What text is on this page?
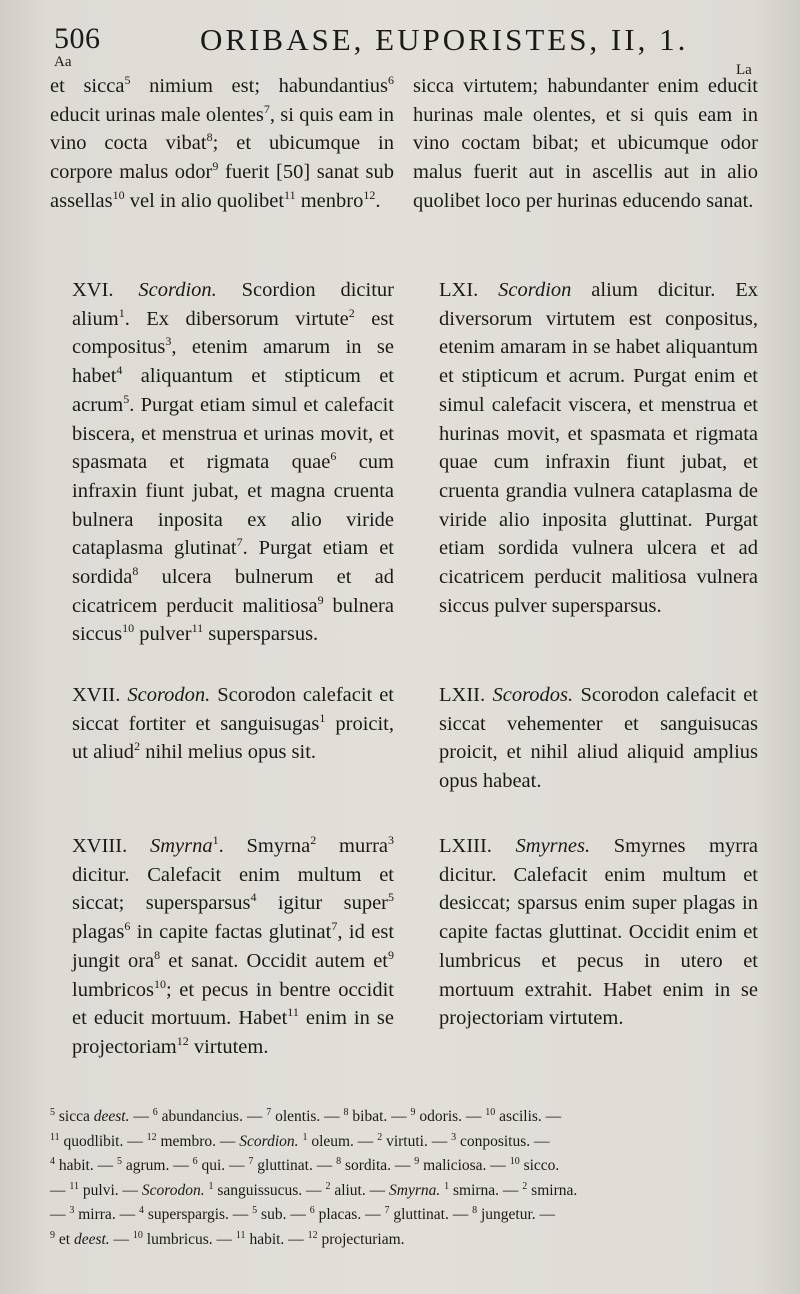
506	ORIBASE, EUPORISTES, II, 1.
Aa	La

et sicca$^5$ nimium est; habundantius$^6$ educit urinas male olentes$^7$, si quis eam in vino cocta vibat$^8$; et ubicumque in corpore malus odor$^9$ fuerit [50] sanat sub assellas$^{10}$ vel in alio quolibet$^{11}$ menbro$^{12}$.

XVI. Scordion. Scordion dicitur alium$^1$. Ex dibersorum virtute$^2$ est compositus$^3$, etenim amarum in se habet$^4$ aliquantum et stipticum et acrum$^5$. Purgat etiam simul et calefacit biscera, et menstrua et urinas movit, et spasmata et rigmata quae$^6$ cum infraxin fiunt jubat, et magna cruenta bulnera inposita ex alio viride cataplasma glutinat$^7$. Purgat etiam et sordida$^8$ ulcera bulnerum et ad cicatricem perducit malitiosa$^9$ bulnera siccus$^{10}$ pulver$^{11}$ supersparsus.

XVII. Scorodon. Scorodon calefacit et siccat fortiter et sanguisugas$^1$ proicit, ut aliud$^2$ nihil melius opus sit.

XVIII. Smyrna$^1$. Smyrna$^2$ murra$^3$ dicitur. Calefacit enim multum et siccat; supersparsus$^4$ igitur super$^5$ plagas$^6$ in capite factas glutinat$^7$, id est jungit ora$^8$ et sanat. Occidit autem $et^9$ lumbricos$^{10}$; et pecus in bentre occidit et educit mortuum. Habet$^{11}$ enim in se projectoriam$^{12}$ virtutem.

sicca virtutem; habundanter enim educit hurinas male olentes, et si quis eam in vino coctam bibat; et ubicumque odor malus fuerit aut in ascellis aut in alio quolibet loco per hurinas educendo sanat.

LXI. Scordion alium dicitur. Ex diversorum virtutem est conpositus, etenim amaram in se habet aliquantum et stipticum et acrum. Purgat enim et simul calefacit viscera, et menstrua et hurinas movit, et spasmata et rigmata quae cum infraxin fiunt jubat, et cruenta grandia vulnera cataplasma de viride alio inposita gluttinat. Purgat etiam sordida vulnera ulcera et ad cicatricem perducit malitiosa vulnera siccus pulver supersparsus.

LXII. Scorodos. Scorodon calefacit et siccat vehementer et sanguisucas proicit, et nihil aliud aliquid amplius opus habeat.

LXIII. Smyrnes. Smyrnes myrra dicitur. Calefacit enim multum et desiccat; sparsus enim super plagas in capite factas gluttinat. Occidit enim et lumbricus et pecus in utero et mortuum extrahit. Habet enim in se projectoriam virtutem.

$^5$ sicca deest. — $^6$ abundancius. — $^7$ olentis. — $^8$ bibat. — $^9$ odoris. — $^{10}$ ascilis. —

$^{11}$ quodlibit. — $^{12}$ membro. — Scordion. $^1$ oleum. — $^2$ virtuti. — $^3$ conpositus. —

$^4$ habit. — $^5$ agrum. — $^6$ qui. — $^7$ gluttinat. — $^8$ sordita. — $^9$ maliciosa. — $^{10}$ sicco.

— $^{11}$ pulvi. — Scorodon. $^1$ sanguissucus. — $^2$ aliut. — Smyrna. $^1$ smirna. — $^2$ smirna.

— $^3$ mirra. — $^4$ superspargis. — $^5$ sub. — $^6$ placas. — $^7$ gluttinat. — $^8$ jungetur. —

$^9$ et deest. — $^{10}$ lumbricus. — $^{11}$ habit. — $^{12}$ projecturiam.
